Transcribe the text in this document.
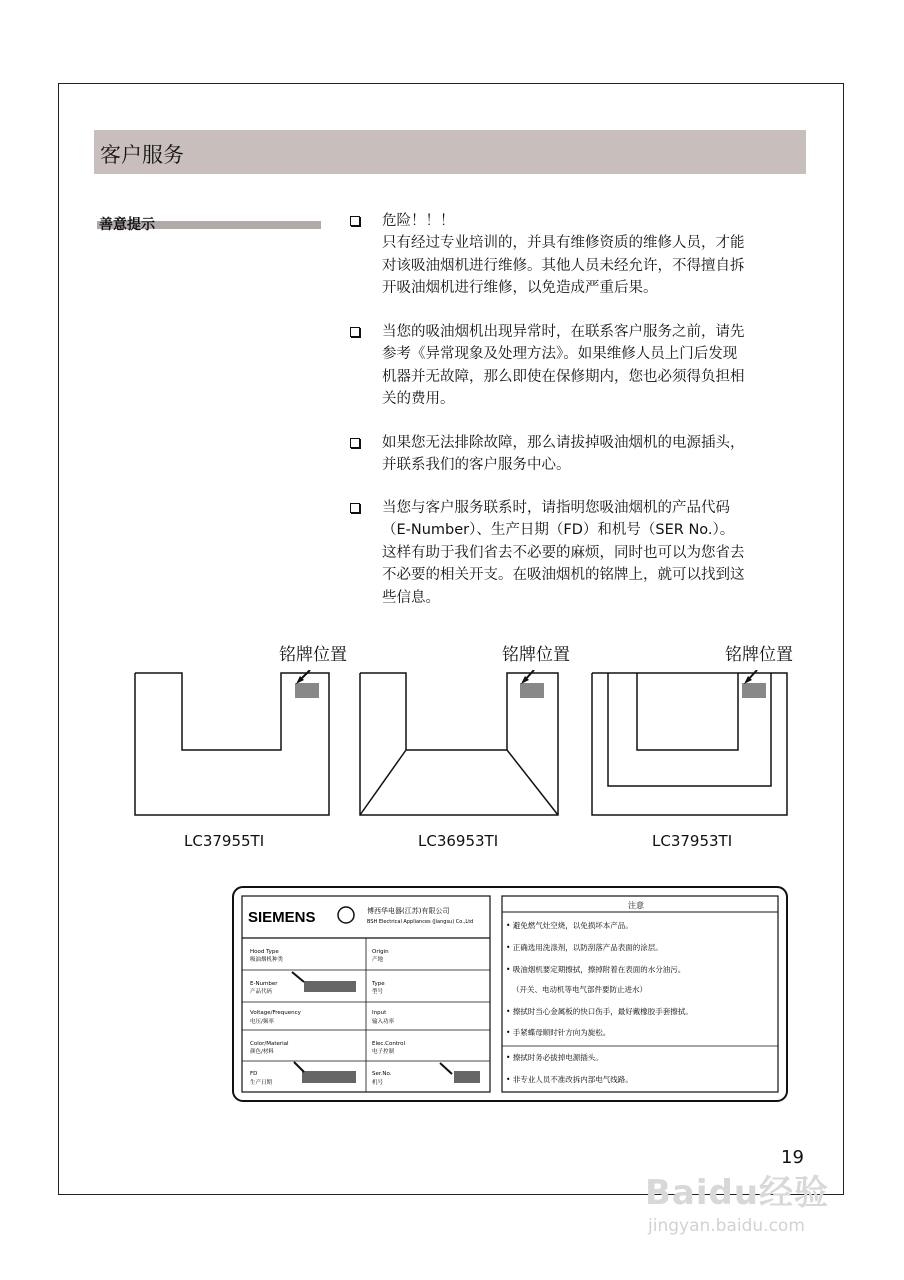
客户服务
善意提示	危险！！！
只有经过专业培训的，并具有维修资质的维修人员，才能
对该吸油烟机进行维修。其他人员未经允许，不得擅自拆
开吸油烟机进行维修，以免造成严重后果。
当您的吸油烟机出现异常时，在联系客户服务之前，请先
参考《异常现象及处理方法》。如果维修人员上门后发现
机器并无故障，那么即使在保修期内，您也必须得负担相
关的费用。
如果您无法排除故障，那么请拔掉吸油烟机的电源插头，
并联系我们的客户服务中心。
当您与客户服务联系时，请指明您吸油烟机的产品代码
（E-Number）、生产日期（FD）和机号（SER No.）。
这样有助于我们省去不必要的麻烦，同时也可以为您省去
不必要的相关开支。在吸油烟机的铭牌上，就可以找到这
些信息。
铭牌位置
LC37955TI
铭牌位置
LC36953TI
铭牌位置
LC37953TI
SIEMENS	博西华电器(江苏)有限公司
BSH Electrical Appliances (Jiangsu) Co.,Ltd
Hood Type
吸油烟机种类
Origin
产地
E-Number
产品代码
Type
型号
Voltage/Frequency
电压/频率
Input
输入功率
Color/Material
颜色/材料
Elec.Control
电子控制
FD
生产日期
Ser.No.
机号
注意
• 避免燃气灶空烧，以免损坏本产品。
• 正确选用洗涤剂，以防刮落产品表面的涂层。
• 吸油烟机要定期擦拭，擦掉附着在表面的水分油污。
（开关、电动机等电气部件要防止进水）
• 擦拭时当心金属板的快口伤手，最好戴橡胶手套擦拭。
• 手紧蝶母顺时针方向为旋松。
• 擦拭时务必拔掉电源插头。
• 非专业人员不准改拆内部电气线路。
19
Baidu经验
jingyan.baidu.com
